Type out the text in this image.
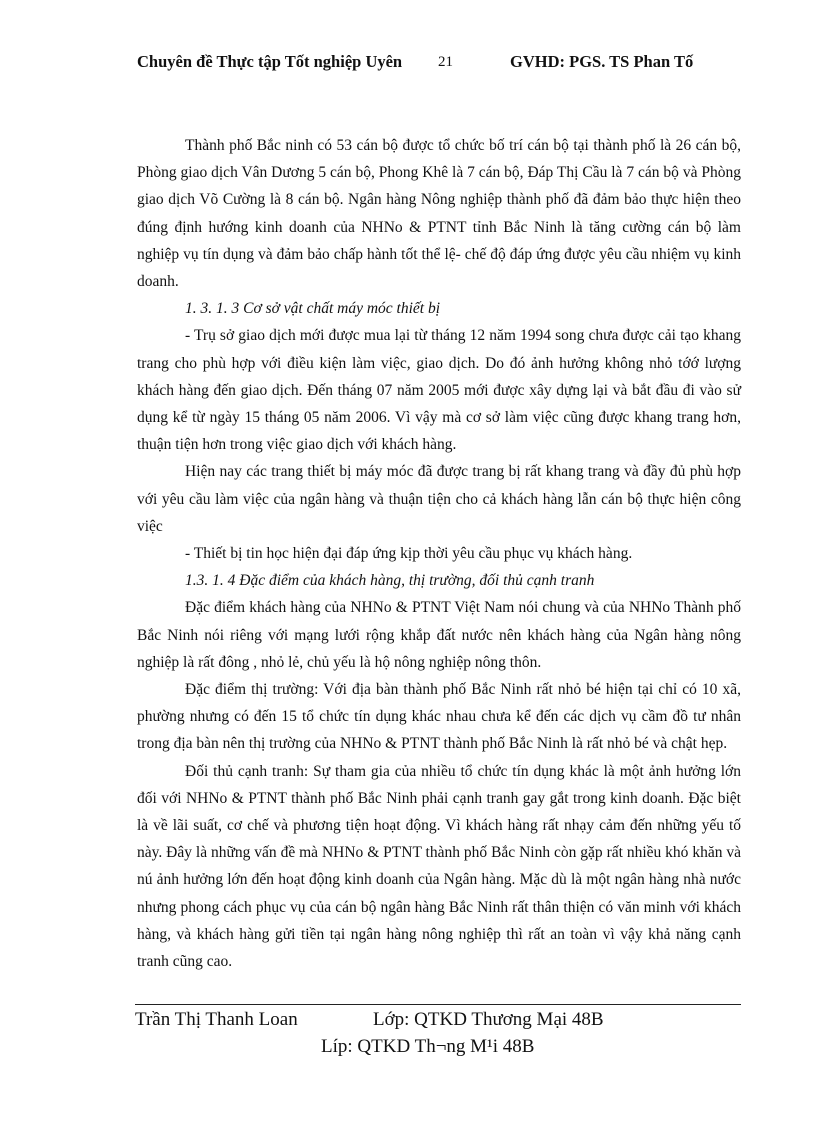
Chuyên đề Thực tập Tốt nghiệp Uyên	21	GVHD: PGS. TS Phan Tố

Thành phố Bắc ninh có 53 cán bộ được tổ chức bố trí cán bộ tại thành phố là 26 cán bộ, Phòng giao dịch Vân Dương 5 cán bộ, Phong Khê là 7 cán bộ, Đáp Thị Cầu là 7 cán bộ và Phòng giao dịch Võ Cường là 8 cán bộ. Ngân hàng Nông nghiệp thành phố đã đảm bảo thực hiện theo đúng định hướng kinh doanh của NHNo & PTNT tỉnh Bắc Ninh là tăng cường cán bộ làm nghiệp vụ tín dụng và đảm bảo chấp hành tốt thể lệ- chế độ đáp ứng được yêu cầu nhiệm vụ kinh doanh.

1. 3. 1. 3 Cơ sở vật chất máy móc thiết bị

- Trụ sở giao dịch mới được mua lại từ tháng 12 năm 1994 song chưa được cải tạo khang trang cho phù hợp với điều kiện làm việc, giao dịch. Do đó ảnh hưởng không nhỏ tớớ lượng khách hàng đến giao dịch. Đến tháng 07 năm 2005 mới được xây dựng lại và bắt đầu đi vào sử dụng kể từ ngày 15 tháng 05 năm 2006. Vì vậy mà cơ sở làm việc cũng được khang trang hơn, thuận tiện hơn trong việc giao dịch với khách hàng.

Hiện nay các trang thiết bị máy móc đã được trang bị rất khang trang và đầy đủ phù hợp với yêu cầu làm việc của ngân hàng và thuận tiện cho cả khách hàng lẫn cán bộ thực hiện công việc

- Thiết bị tin học hiện đại đáp ứng kịp thời yêu cầu phục vụ khách hàng.

1.3. 1. 4 Đặc điểm của khách hàng, thị trường, đối thủ cạnh tranh

Đặc điểm khách hàng của NHNo & PTNT Việt Nam nói chung và của NHNo Thành phố Bắc Ninh nói riêng với mạng lưới rộng khắp đất nước nên khách hàng của Ngân hàng nông nghiệp là rất đông , nhỏ lẻ, chủ yếu là hộ nông nghiệp nông thôn.

Đặc điểm thị trường: Với địa bàn thành phố Bắc Ninh rất nhỏ bé hiện tại chỉ có 10 xã, phường nhưng có đến 15 tổ chức tín dụng khác nhau chưa kể đến các dịch vụ cầm đồ tư nhân trong địa bàn nên thị trường của NHNo & PTNT thành phố Bắc Ninh là rất nhỏ bé và chật hẹp.

Đối thủ cạnh tranh: Sự tham gia của nhiều tổ chức tín dụng khác là một ảnh hưởng lớn đối với NHNo & PTNT thành phố Bắc Ninh phải cạnh tranh gay gắt trong kinh doanh. Đặc biệt là về lãi suất, cơ chế và phương tiện hoạt động. Vì khách hàng rất nhạy cảm đến những yếu tố này. Đây là những vấn đề mà NHNo & PTNT thành phố Bắc Ninh còn gặp rất nhiều khó khăn và nú ảnh hưởng lớn đến hoạt động kinh doanh của Ngân hàng. Mặc dù là một ngân hàng nhà nước nhưng phong cách phục vụ của cán bộ ngân hàng Bắc Ninh rất thân thiện có văn minh với khách hàng, và khách hàng gửi tiền tại ngân hàng nông nghiệp thì rất an toàn vì vậy khả năng cạnh tranh cũng cao.

Trần Thị Thanh Loan	Lớp: QTKD Thương Mại 48B
Líp: QTKD Th¬ng M¹i 48B
